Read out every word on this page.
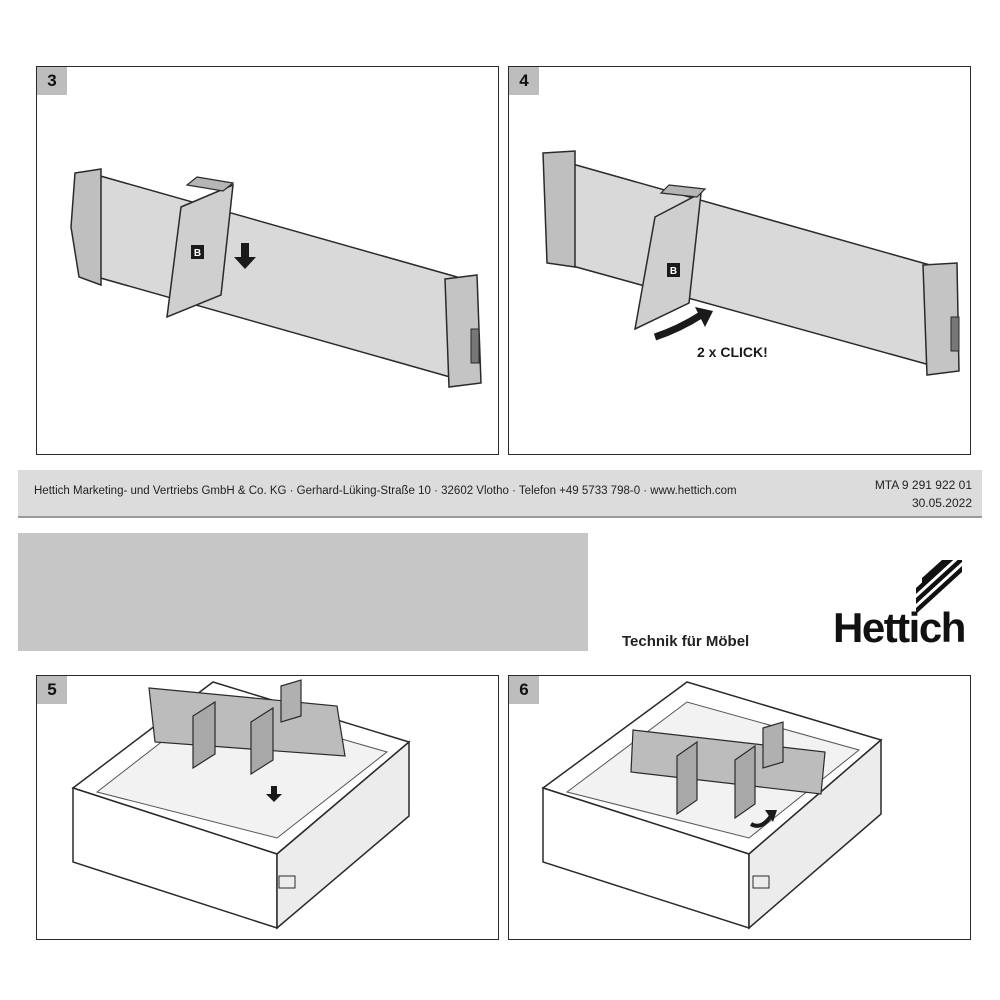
3
B
4
B
2 x CLICK!
Hettich Marketing- und Vertriebs GmbH & Co. KG · Gerhard-Lüking-Straße 10 · 32602 Vlotho · Telefon +49 5733 798-0 · www.hettich.com	MTA 9 291 922 01
30.05.2022
Technik für Möbel Hettich
5	6
